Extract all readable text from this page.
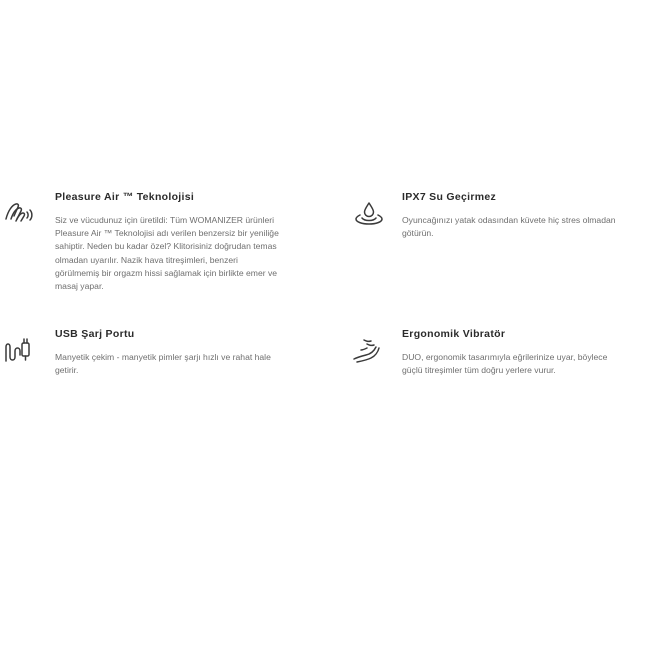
Pleasure Air ™ Teknolojisi

Siz ve vücudunuz için üretildi: Tüm WOMANIZER ürünleri Pleasure Air ™ Teknolojisi adı verilen benzersiz bir yeniliğe sahiptir. Neden bu kadar özel? Klitorisiniz doğrudan temas olmadan uyarılır. Nazik hava titreşimleri, benzeri görülmemiş bir orgazm hissi sağlamak için birlikte emer ve masaj yapar.

IPX7 Su Geçirmez

Oyuncağınızı yatak odasından küvete hiç stres olmadan götürün.

USB Şarj Portu

Manyetik çekim - manyetik pimler şarjı hızlı ve rahat hale getirir.

Ergonomik Vibratör

DUO, ergonomik tasarımıyla eğrilerinize uyar, böylece güçlü titreşimler tüm doğru yerlere vurur.
